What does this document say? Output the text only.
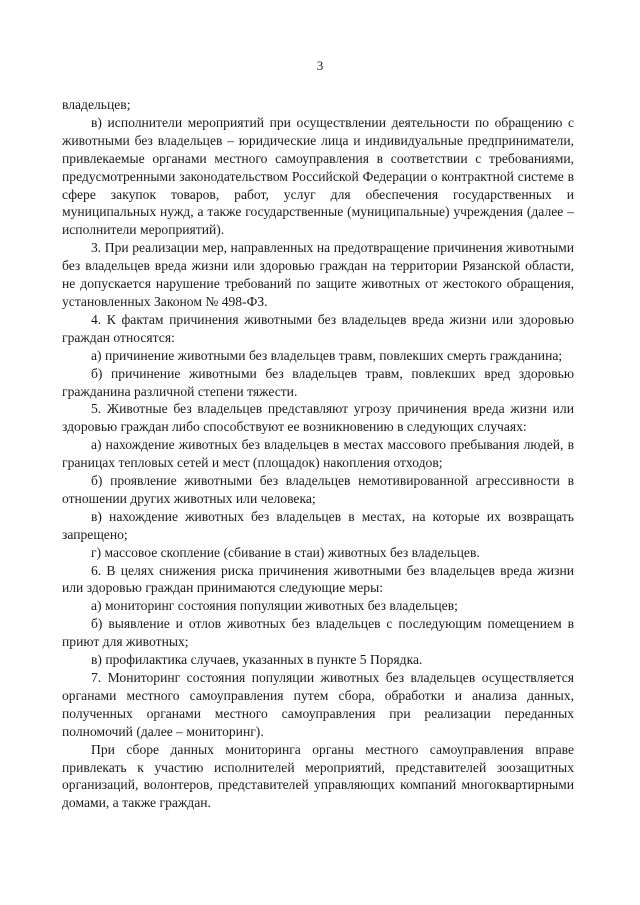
3

владельцев;

в) исполнители мероприятий при осуществлении деятельности по обращению с животными без владельцев – юридические лица и индивидуальные предприниматели, привлекаемые органами местного самоуправления в соответствии с требованиями, предусмотренными законодательством Российской Федерации о контрактной системе в сфере закупок товаров, работ, услуг для обеспечения государственных и муниципальных нужд, а также государственные (муниципальные) учреждения (далее – исполнители мероприятий).

3. При реализации мер, направленных на предотвращение причинения животными без владельцев вреда жизни или здоровью граждан на территории Рязанской области, не допускается нарушение требований по защите животных от жестокого обращения, установленных Законом № 498-ФЗ.

4. К фактам причинения животными без владельцев вреда жизни или здоровью граждан относятся:

а) причинение животными без владельцев травм, повлекших смерть гражданина;

б) причинение животными без владельцев травм, повлекших вред здоровью гражданина различной степени тяжести.

5. Животные без владельцев представляют угрозу причинения вреда жизни или здоровью граждан либо способствуют ее возникновению в следующих случаях:

а) нахождение животных без владельцев в местах массового пребывания людей, в границах тепловых сетей и мест (площадок) накопления отходов;

б) проявление животными без владельцев немотивированной агрессивности в отношении других животных или человека;

в) нахождение животных без владельцев в местах, на которые их возвращать запрещено;

г) массовое скопление (сбивание в стаи) животных без владельцев.

6. В целях снижения риска причинения животными без владельцев вреда жизни или здоровью граждан принимаются следующие меры:

а) мониторинг состояния популяции животных без владельцев;

б) выявление и отлов животных без владельцев с последующим помещением в приют для животных;

в) профилактика случаев, указанных в пункте 5 Порядка.

7. Мониторинг состояния популяции животных без владельцев осуществляется органами местного самоуправления путем сбора, обработки и анализа данных, полученных органами местного самоуправления при реализации переданных полномочий (далее – мониторинг).

При сборе данных мониторинга органы местного самоуправления вправе привлекать к участию исполнителей мероприятий, представителей зоозащитных организаций, волонтеров, представителей управляющих компаний многоквартирными домами, а также граждан.
